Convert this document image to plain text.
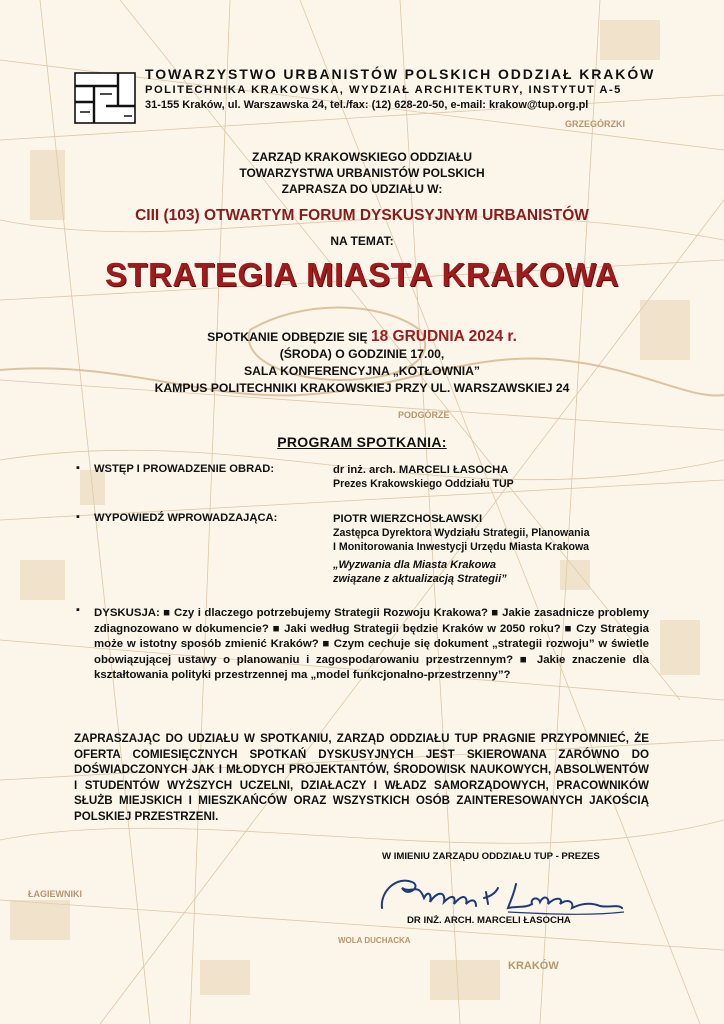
GRZEGÓRZKI
PODGÓRZE
ŁAGIEWNIKI
WOLA DUCHACKA
KRAKÓW
TOWARZYSTWO URBANISTÓW POLSKICH ODDZIAŁ KRAKÓW
POLITECHNIKA KRAKOWSKA, WYDZIAŁ ARCHITEKTURY, INSTYTUT A-5
31-155 Kraków, ul. Warszawska 24, tel./fax: (12) 628-20-50, e-mail: krakow@tup.org.pl
ZARZĄD KRAKOWSKIEGO ODDZIAŁU
TOWARZYSTWA URBANISTÓW POLSKICH
ZAPRASZA DO UDZIAŁU W:
CIII (103) OTWARTYM FORUM DYSKUSYJNYM URBANISTÓW
NA TEMAT:
STRATEGIA MIASTA KRAKOWA
SPOTKANIE ODBĘDZIE SIĘ 18 GRUDNIA 2024 r.
(ŚRODA) O GODZINIE 17.00,
SALA KONFERENCYJNA „KOTŁOWNIA”
KAMPUS POLITECHNIKI KRAKOWSKIEJ PRZY UL. WARSZAWSKIEJ 24
PROGRAM SPOTKANIA:
▪ WSTĘP I PROWADZENIE OBRAD:	dr inż. arch. MARCELI ŁASOCHA
Prezes Krakowskiego Oddziału TUP
▪ WYPOWIEDŹ WPROWADZAJĄCA:	PIOTR WIERZCHOSŁAWSKI
Zastępca Dyrektora Wydziału Strategii, Planowania
I Monitorowania Inwestycji Urzędu Miasta Krakowa
„Wyzwania dla Miasta Krakowa
związane z aktualizacją Strategii”
▪ DYSKUSJA: ■ Czy i dlaczego potrzebujemy Strategii Rozwoju Krakowa? ■ Jakie zasadnicze problemy zdiagnozowano w dokumencie? ■ Jaki według Strategii będzie Kraków w 2050 roku? ■ Czy Strategia może w istotny sposób zmienić Kraków? ■ Czym cechuje się dokument „strategii rozwoju” w świetle obowiązującej ustawy o planowaniu i zagospodarowaniu przestrzennym? ■ Jakie znaczenie dla kształtowania polityki przestrzennej ma „model funkcjonalno-przestrzenny”?
ZAPRASZAJĄC DO UDZIAŁU W SPOTKANIU, ZARZĄD ODDZIAŁU TUP PRAGNIE PRZYPOMNIEĆ, ŻE OFERTA COMIESIĘCZNYCH SPOTKAŃ DYSKUSYJNYCH JEST SKIEROWANA ZARÓWNO DO DOŚWIADCZONYCH JAK I MŁODYCH PROJEKTANTÓW, ŚRODOWISK NAUKOWYCH, ABSOLWENTÓW I STUDENTÓW WYŻSZYCH UCZELNI, DZIAŁACZY I WŁADZ SAMORZĄDOWYCH, PRACOWNIKÓW SŁUŻB MIEJSKICH I MIESZKAŃCÓW ORAZ WSZYSTKICH OSÓB ZAINTERESOWANYCH JAKOŚCIĄ POLSKIEJ PRZESTRZENI.
W IMIENIU ZARZĄDU ODDZIAŁU TUP - PREZES
DR INŻ. ARCH. MARCELI ŁASOCHA
